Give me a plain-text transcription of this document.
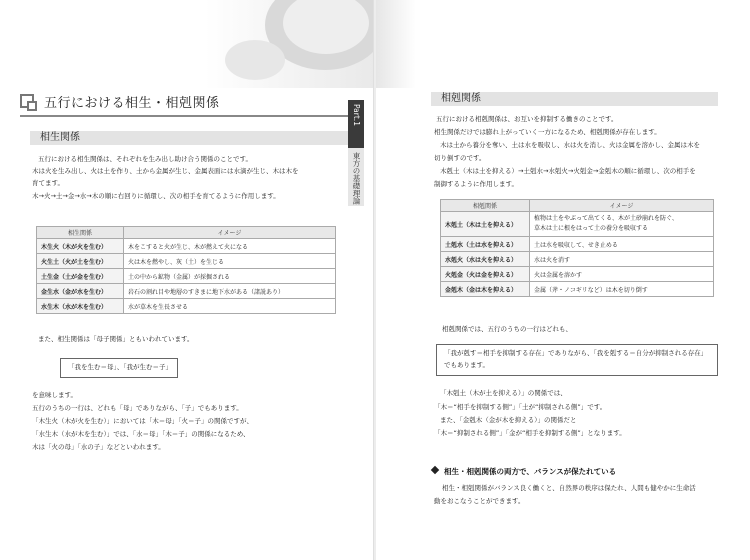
五行における相生・相剋関係
相生関係
五行における相生関係は、それぞれを生み出し助け合う関係のことです。
木は火を生み出し、火は土を作り、土から金属が生じ、金属表面には水滴が生じ、木は木を
育てます。
木→火→土→金→水→木の順に右回りに循環し、次の相手を育てるように作用します。
相生関係	イメージ
木生火（木が火を生む）	木をこすると火が生じ、木が燃えて火になる
火生土（火が土を生む）	火は木を燃やし、灰（土）を生じる
土生金（土が金を生む）	土の中から鉱物（金属）が採掘される
金生水（金が水を生む）	岩石の割れ目や地層のすきまに地下水がある（諸説あり）
水生木（水が木を生む）	水が草木を生長させる
また、相生関係は「母子関係」ともいわれています。
「我を生む＝母」、「我が生む＝子」
を意味します。
五行のうちの一行は、どれも「母」でありながら、「子」でもあります。
「木生火（木が火を生む）」においては「木＝母」「火＝子」の関係ですが、
「水生木（水が木を生む）」では、「水＝母」「木＝子」の関係になるため、
木は「火の母」「水の子」などといわれます。
Part.1
東方の基礎理論
相剋関係
五行における相剋関係は、お互いを抑制する働きのことです。
相生関係だけでは膨れ上がっていく一方になるため、相剋関係が存在します。
木は土から養分を奪い、土は水を吸収し、水は火を消し、火は金属を溶かし、金属は木を
切り倒すのです。
木剋土（木は土を抑える）→土剋水→水剋火→火剋金→金剋木の順に循環し、次の相手を
制御するように作用します。
相剋関係	イメージ
木剋土（木は土を抑える）	植物は土をやぶって出てくる、木が土砂崩れを防ぐ、
草木は土に根をはって土の養分を吸収する
土剋水（土は水を抑える）	土は水を吸収して、せき止める
水剋火（水は火を抑える）	水は火を消す
火剋金（火は金を抑える）	火は金属を溶かす
金剋木（金は木を抑える）	金属（斧・ノコギリなど）は木を切り倒す
相剋関係では、五行のうちの一行はどれも、
「我が剋す＝相手を抑制する存在」でありながら、「我を剋する＝自分が抑制される存在」
でもあります。
「木剋土（木が土を抑える）」の関係では、
「木＝“相手を抑制する側”」「土が“抑制される側”」です。
また、「金剋木（金が木を抑える）」の関係だと
「木＝“抑制される側”」「金が“相手を抑制する側”」となります。
相生・相剋関係がバランス良く働くと、自然界の秩序は保たれ、人間も健やかに生命活
動をおこなうことができます。
相生・相剋関係の両方で、バランスが保たれている
